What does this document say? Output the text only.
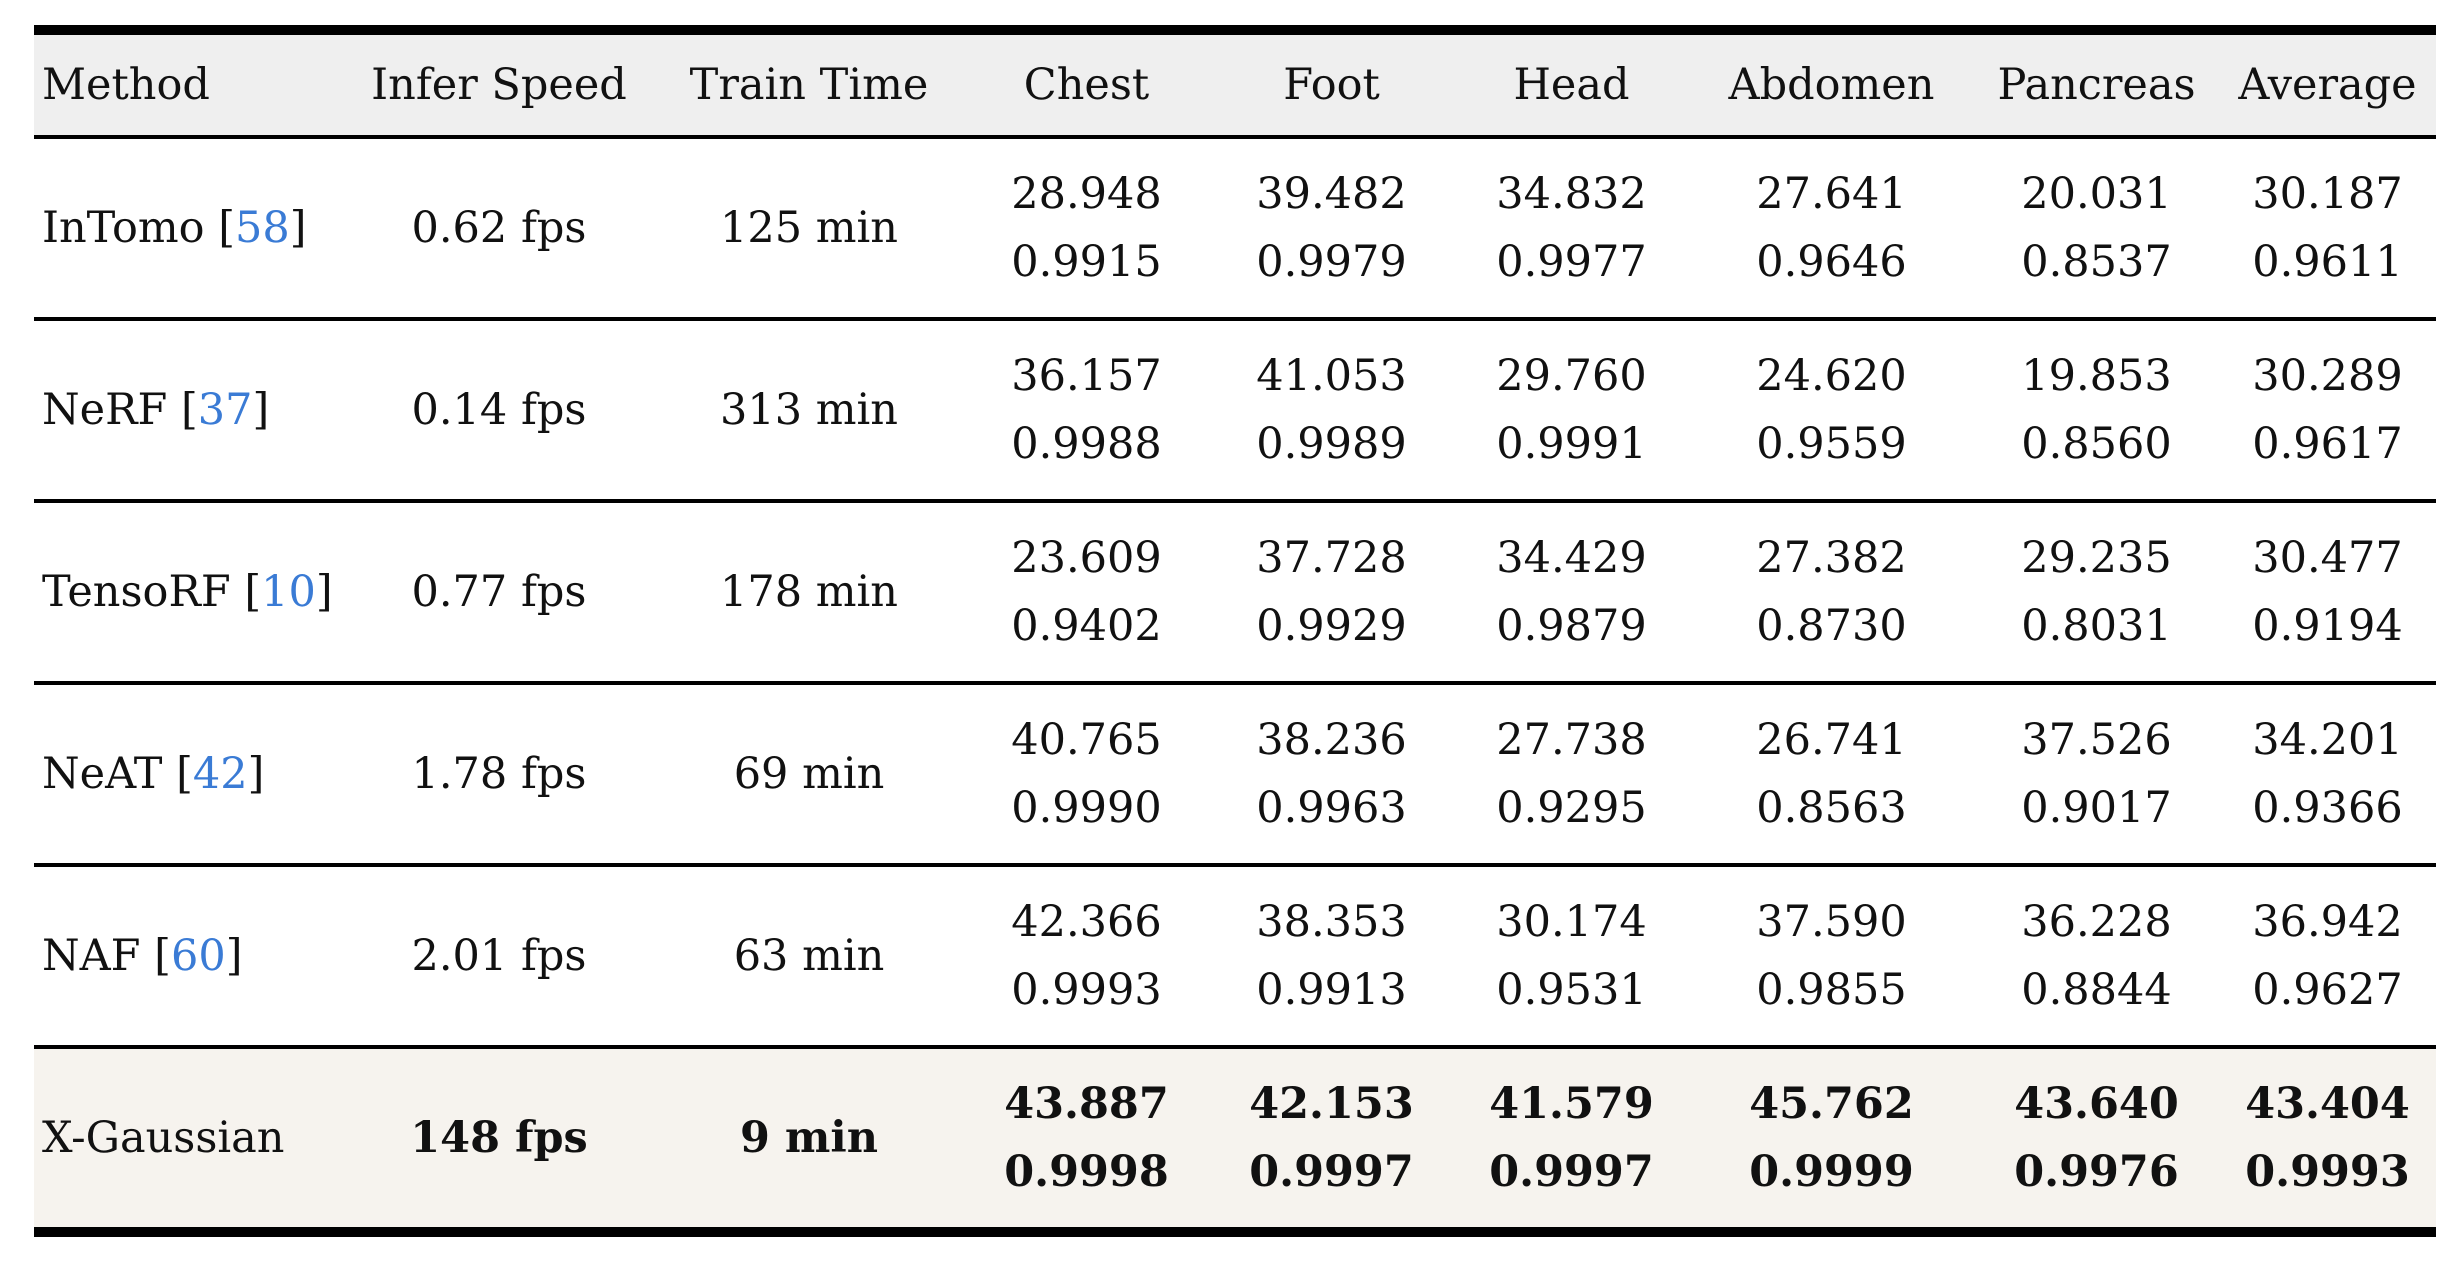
Method	Infer Speed	Train Time	Chest	Foot	Head	Abdomen	Pancreas	Average
InTomo [58]	0.62 fps	125 min	28.948	39.482	34.832	27.641	20.031	30.187
			0.9915	0.9979	0.9977	0.9646	0.8537	0.9611
NeRF [37]	0.14 fps	313 min	36.157	41.053	29.760	24.620	19.853	30.289
			0.9988	0.9989	0.9991	0.9559	0.8560	0.9617
TensoRF [10]	0.77 fps	178 min	23.609	37.728	34.429	27.382	29.235	30.477
			0.9402	0.9929	0.9879	0.8730	0.8031	0.9194
NeAT [42]	1.78 fps	69 min	40.765	38.236	27.738	26.741	37.526	34.201
			0.9990	0.9963	0.9295	0.8563	0.9017	0.9366
NAF [60]	2.01 fps	63 min	42.366	38.353	30.174	37.590	36.228	36.942
			0.9993	0.9913	0.9531	0.9855	0.8844	0.9627
X-Gaussian	148 fps	9 min	43.887	42.153	41.579	45.762	43.640	43.404
			0.9998	0.9997	0.9997	0.9999	0.9976	0.9993
